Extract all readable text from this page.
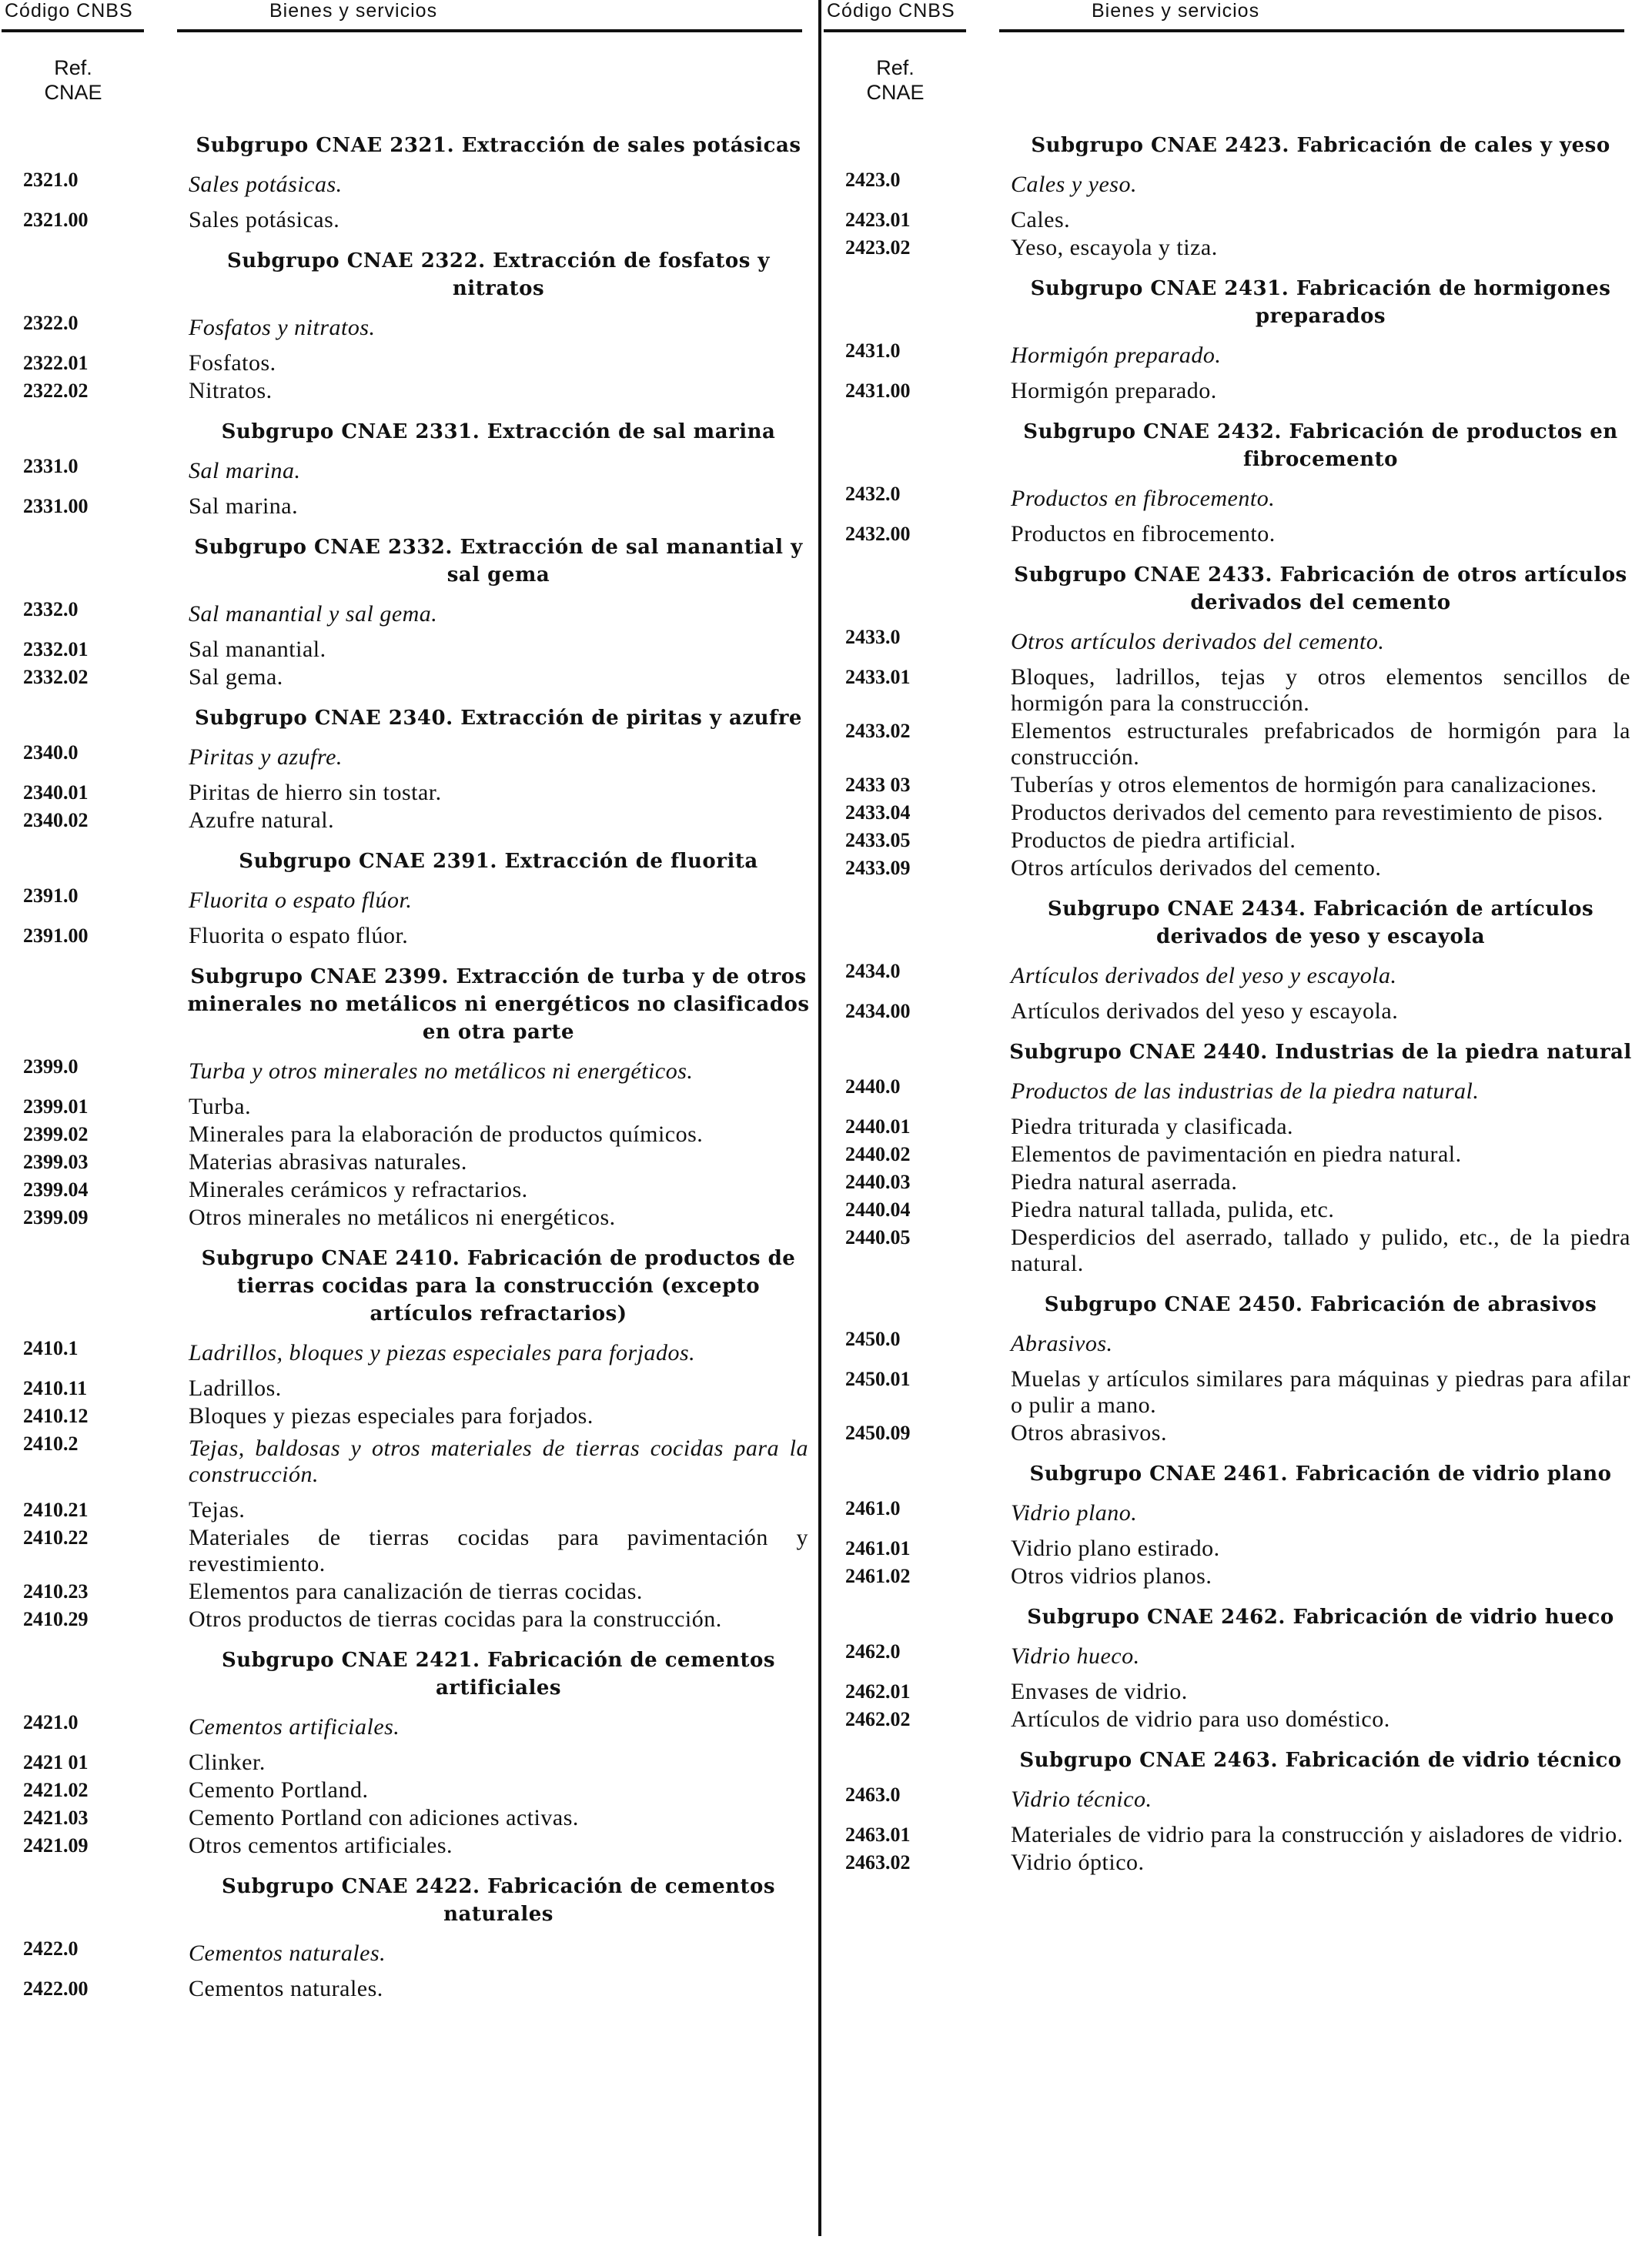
Código CNBS	Bienes y servicios
Ref.
CNAE
Subgrupo CNAE 2321. Extracción de sales potásicas
2321.0	Sales potásicas.
2321.00	Sales potásicas.
Subgrupo CNAE 2322. Extracción de fosfatos y nitratos
2322.0	Fosfatos y nitratos.
2322.01	Fosfatos.
2322.02	Nitratos.
Subgrupo CNAE 2331. Extracción de sal marina
2331.0	Sal marina.
2331.00	Sal marina.
Subgrupo CNAE 2332. Extracción de sal manantial y sal gema
2332.0	Sal manantial y sal gema.
2332.01	Sal manantial.
2332.02	Sal gema.
Subgrupo CNAE 2340. Extracción de piritas y azufre
2340.0	Piritas y azufre.
2340.01	Piritas de hierro sin tostar.
2340.02	Azufre natural.
Subgrupo CNAE 2391. Extracción de fluorita
2391.0	Fluorita o espato flúor.
2391.00	Fluorita o espato flúor.
Subgrupo CNAE 2399. Extracción de turba y de otros minerales no metálicos ni energéticos no clasificados en otra parte
2399.0	Turba y otros minerales no metálicos ni energéticos.
2399.01	Turba.
2399.02	Minerales para la elaboración de productos químicos.
2399.03	Materias abrasivas naturales.
2399.04	Minerales cerámicos y refractarios.
2399.09	Otros minerales no metálicos ni energéticos.
Subgrupo CNAE 2410. Fabricación de productos de tierras cocidas para la construcción (excepto artículos refractarios)
2410.1	Ladrillos, bloques y piezas especiales para forjados.
2410.11	Ladrillos.
2410.12	Bloques y piezas especiales para forjados.
2410.2	Tejas, baldosas y otros materiales de tierras cocidas para la construcción.
2410.21	Tejas.
2410.22	Materiales de tierras cocidas para pavimentación y revestimiento.
2410.23	Elementos para canalización de tierras cocidas.
2410.29	Otros productos de tierras cocidas para la construcción.
Subgrupo CNAE 2421. Fabricación de cementos artificiales
2421.0	Cementos artificiales.
2421 01	Clinker.
2421.02	Cemento Portland.
2421.03	Cemento Portland con adiciones activas.
2421.09	Otros cementos artificiales.
Subgrupo CNAE 2422. Fabricación de cementos naturales
2422.0	Cementos naturales.
2422.00	Cementos naturales.
Código CNBS	Bienes y servicios
Ref.
CNAE
Subgrupo CNAE 2423. Fabricación de cales y yeso
2423.0	Cales y yeso.
2423.01	Cales.
2423.02	Yeso, escayola y tiza.
Subgrupo CNAE 2431. Fabricación de hormigones preparados
2431.0	Hormigón preparado.
2431.00	Hormigón preparado.
Subgrupo CNAE 2432. Fabricación de productos en fibrocemento
2432.0	Productos en fibrocemento.
2432.00	Productos en fibrocemento.
Subgrupo CNAE 2433. Fabricación de otros artículos derivados del cemento
2433.0	Otros artículos derivados del cemento.
2433.01	Bloques, ladrillos, tejas y otros elementos sencillos de hormigón para la construcción.
2433.02	Elementos estructurales prefabricados de hormigón para la construcción.
2433 03	Tuberías y otros elementos de hormigón para canalizaciones.
2433.04	Productos derivados del cemento para revestimiento de pisos.
2433.05	Productos de piedra artificial.
2433.09	Otros artículos derivados del cemento.
Subgrupo CNAE 2434. Fabricación de artículos derivados de yeso y escayola
2434.0	Artículos derivados del yeso y escayola.
2434.00	Artículos derivados del yeso y escayola.
Subgrupo CNAE 2440. Industrias de la piedra natural
2440.0	Productos de las industrias de la piedra natural.
2440.01	Piedra triturada y clasificada.
2440.02	Elementos de pavimentación en piedra natural.
2440.03	Piedra natural aserrada.
2440.04	Piedra natural tallada, pulida, etc.
2440.05	Desperdicios del aserrado, tallado y pulido, etc., de la piedra natural.
Subgrupo CNAE 2450. Fabricación de abrasivos
2450.0	Abrasivos.
2450.01	Muelas y artículos similares para máquinas y piedras para afilar o pulir a mano.
2450.09	Otros abrasivos.
Subgrupo CNAE 2461. Fabricación de vidrio plano
2461.0	Vidrio plano.
2461.01	Vidrio plano estirado.
2461.02	Otros vidrios planos.
Subgrupo CNAE 2462. Fabricación de vidrio hueco
2462.0	Vidrio hueco.
2462.01	Envases de vidrio.
2462.02	Artículos de vidrio para uso doméstico.
Subgrupo CNAE 2463. Fabricación de vidrio técnico
2463.0	Vidrio técnico.
2463.01	Materiales de vidrio para la construcción y aisladores de vidrio.
2463.02	Vidrio óptico.
